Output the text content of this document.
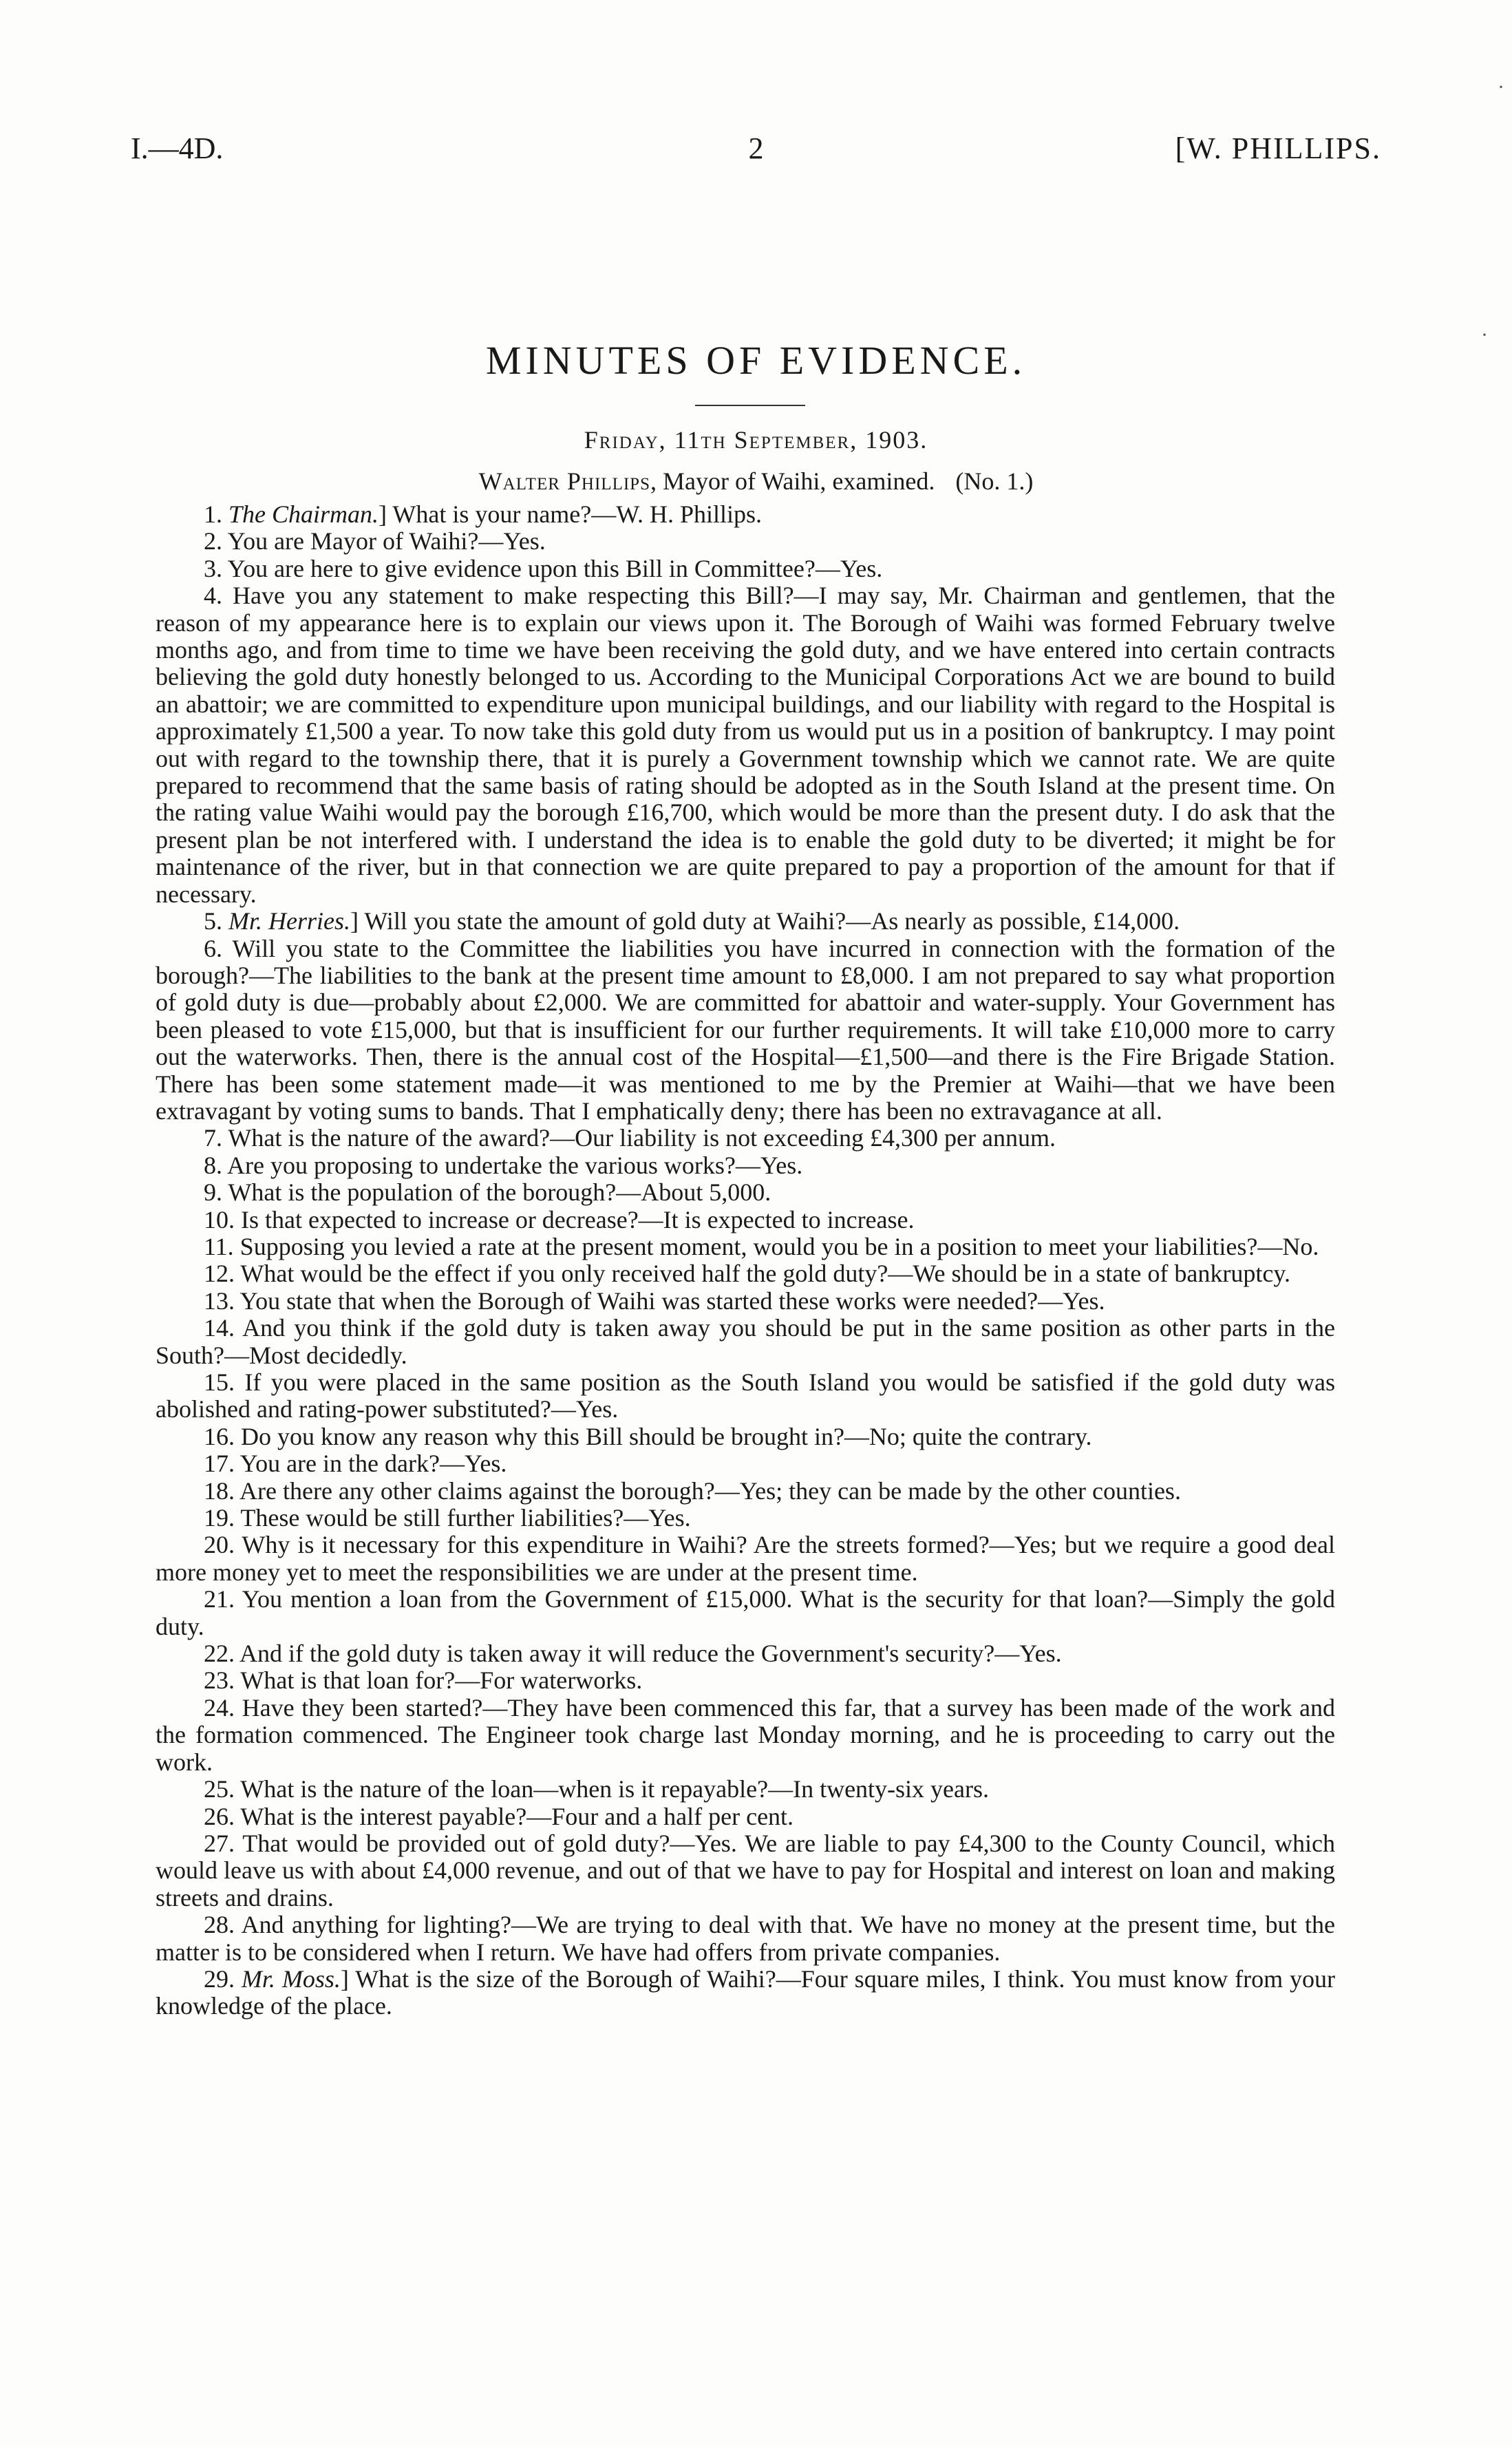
I.—4D.	2	[W. PHILLIPS.
MINUTES OF EVIDENCE.
Friday, 11th September, 1903.
Walter Phillips, Mayor of Waihi, examined. (No. 1.)

1. The Chairman.] What is your name?—W. H. Phillips.

2. You are Mayor of Waihi?—Yes.

3. You are here to give evidence upon this Bill in Committee?—Yes.

4. Have you any statement to make respecting this Bill?—I may say, Mr. Chairman and gentlemen, that the reason of my appearance here is to explain our views upon it. The Borough of Waihi was formed February twelve months ago, and from time to time we have been receiving the gold duty, and we have entered into certain contracts believing the gold duty honestly belonged to us. According to the Municipal Corporations Act we are bound to build an abattoir; we are committed to expenditure upon municipal buildings, and our liability with regard to the Hospital is approximately £1,500 a year. To now take this gold duty from us would put us in a position of bankruptcy. I may point out with regard to the township there, that it is purely a Government township which we cannot rate. We are quite prepared to recommend that the same basis of rating should be adopted as in the South Island at the present time. On the rating value Waihi would pay the borough £16,700, which would be more than the present duty. I do ask that the present plan be not interfered with. I understand the idea is to enable the gold duty to be diverted; it might be for maintenance of the river, but in that connection we are quite prepared to pay a proportion of the amount for that if necessary.

5. Mr. Herries.] Will you state the amount of gold duty at Waihi?—As nearly as possible, £14,000.

6. Will you state to the Committee the liabilities you have incurred in connection with the formation of the borough?—The liabilities to the bank at the present time amount to £8,000. I am not prepared to say what proportion of gold duty is due—probably about £2,000. We are committed for abattoir and water-supply. Your Government has been pleased to vote £15,000, but that is insufficient for our further requirements. It will take £10,000 more to carry out the waterworks. Then, there is the annual cost of the Hospital—£1,500—and there is the Fire Brigade Station. There has been some statement made—it was mentioned to me by the Premier at Waihi—that we have been extravagant by voting sums to bands. That I emphatically deny; there has been no extravagance at all.

7. What is the nature of the award?—Our liability is not exceeding £4,300 per annum.

8. Are you proposing to undertake the various works?—Yes.

9. What is the population of the borough?—About 5,000.

10. Is that expected to increase or decrease?—It is expected to increase.

11. Supposing you levied a rate at the present moment, would you be in a position to meet your liabilities?—No.

12. What would be the effect if you only received half the gold duty?—We should be in a state of bankruptcy.

13. You state that when the Borough of Waihi was started these works were needed?—Yes.

14. And you think if the gold duty is taken away you should be put in the same position as other parts in the South?—Most decidedly.

15. If you were placed in the same position as the South Island you would be satisfied if the gold duty was abolished and rating-power substituted?—Yes.

16. Do you know any reason why this Bill should be brought in?—No; quite the contrary.

17. You are in the dark?—Yes.

18. Are there any other claims against the borough?—Yes; they can be made by the other counties.

19. These would be still further liabilities?—Yes.

20. Why is it necessary for this expenditure in Waihi? Are the streets formed?—Yes; but we require a good deal more money yet to meet the responsibilities we are under at the present time.

21. You mention a loan from the Government of £15,000. What is the security for that loan?—Simply the gold duty.

22. And if the gold duty is taken away it will reduce the Government's security?—Yes.

23. What is that loan for?—For waterworks.

24. Have they been started?—They have been commenced this far, that a survey has been made of the work and the formation commenced. The Engineer took charge last Monday morning, and he is proceeding to carry out the work.

25. What is the nature of the loan—when is it repayable?—In twenty-six years.

26. What is the interest payable?—Four and a half per cent.

27. That would be provided out of gold duty?—Yes. We are liable to pay £4,300 to the County Council, which would leave us with about £4,000 revenue, and out of that we have to pay for Hospital and interest on loan and making streets and drains.

28. And anything for lighting?—We are trying to deal with that. We have no money at the present time, but the matter is to be considered when I return. We have had offers from private companies.

29. Mr. Moss.] What is the size of the Borough of Waihi?—Four square miles, I think. You must know from your knowledge of the place.

·
·
